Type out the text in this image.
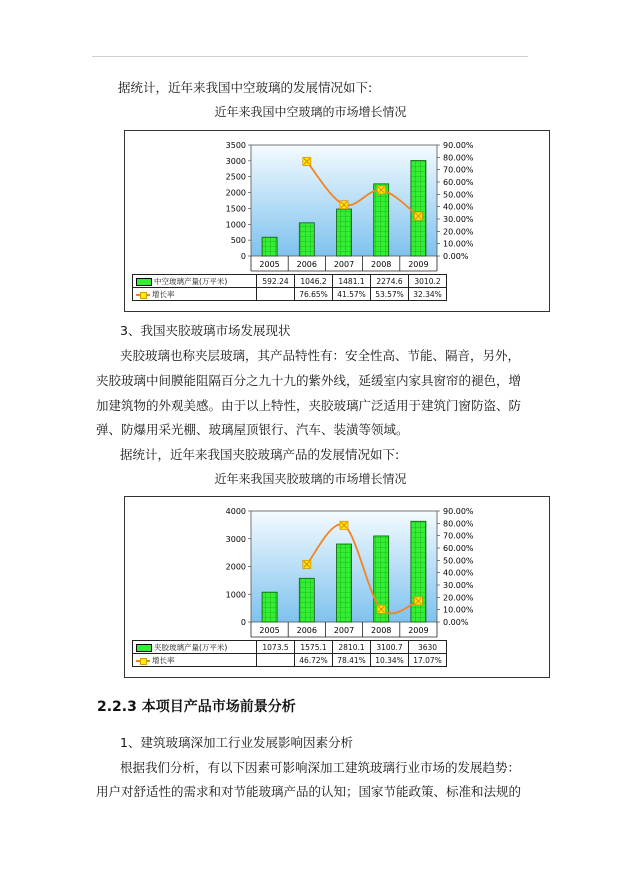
据统计，近年来我国中空玻璃的发展情况如下:
近年来我国中空玻璃的市场增长情况
0
500
1000
1500
2000
2500
3000
3500
0.00%
10.00%
20.00%
30.00%
40.00%
50.00%
60.00%
70.00%
80.00%
90.00%
2005 2006 2007 2008 2009
中空玻璃产量(万平米)	592.24	1046.2	1481.1	2274.6	3010.2
增长率		76.65%	41.57%	53.57%	32.34%
3、我国夹胶玻璃市场发展现状
夹胶玻璃也称夹层玻璃，其产品特性有：安全性高、节能、隔音，另外，
夹胶玻璃中间膜能阻隔百分之九十九的紫外线，延缓室内家具窗帘的褪色，增
加建筑物的外观美感。由于以上特性，夹胶玻璃广泛适用于建筑门窗防盗、防
弹、防爆用采光棚、玻璃屋顶银行、汽车、装潢等领域。
据统计，近年来我国夹胶玻璃产品的发展情况如下:
近年来我国夹胶玻璃的市场增长情况
0
1000
2000
3000
4000
0.00%
10.00%
20.00%
30.00%
40.00%
50.00%
60.00%
70.00%
80.00%
90.00%
2005 2006 2007 2008 2009
夹胶玻璃产量(万平米)	1073.5	1575.1	2810.1	3100.7	3630
增长率		46.72%	78.41%	10.34%	17.07%
2.2.3 本项目产品市场前景分析
1、建筑玻璃深加工行业发展影响因素分析
根据我们分析，有以下因素可影响深加工建筑玻璃行业市场的发展趋势：
用户对舒适性的需求和对节能玻璃产品的认知；国家节能政策、标准和法规的
